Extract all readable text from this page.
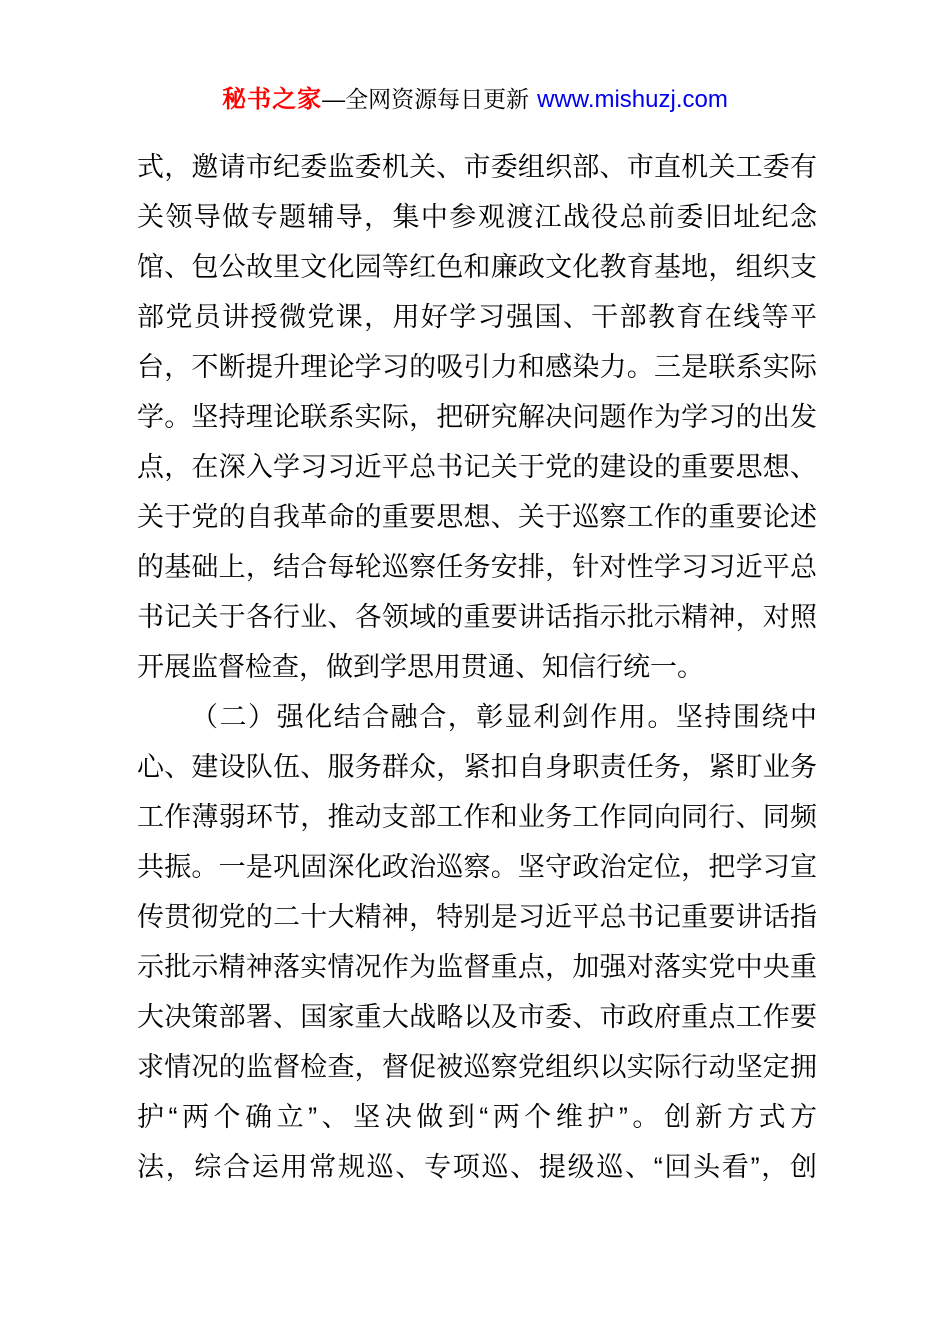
秘书之家—全网资源每日更新 www.mishuzj.com
式，邀请市纪委监委机关、市委组织部、市直机关工委有
关领导做专题辅导，集中参观渡江战役总前委旧址纪念
馆、包公故里文化园等红色和廉政文化教育基地，组织支
部党员讲授微党课，用好学习强国、干部教育在线等平
台，不断提升理论学习的吸引力和感染力。三是联系实际
学。坚持理论联系实际，把研究解决问题作为学习的出发
点，在深入学习习近平总书记关于党的建设的重要思想、
关于党的自我革命的重要思想、关于巡察工作的重要论述
的基础上，结合每轮巡察任务安排，针对性学习习近平总
书记关于各行业、各领域的重要讲话指示批示精神，对照
开展监督检查，做到学思用贯通、知信行统一。
（二）强化结合融合，彰显利剑作用。坚持围绕中
心、建设队伍、服务群众，紧扣自身职责任务，紧盯业务
工作薄弱环节，推动支部工作和业务工作同向同行、同频
共振。一是巩固深化政治巡察。坚守政治定位，把学习宣
传贯彻党的二十大精神，特别是习近平总书记重要讲话指
示批示精神落实情况作为监督重点，加强对落实党中央重
大决策部署、国家重大战略以及市委、市政府重点工作要
求情况的监督检查，督促被巡察党组织以实际行动坚定拥
护“两个确立”、坚决做到“两个维护”。创新方式方
法，综合运用常规巡、专项巡、提级巡、“回头看”，创
